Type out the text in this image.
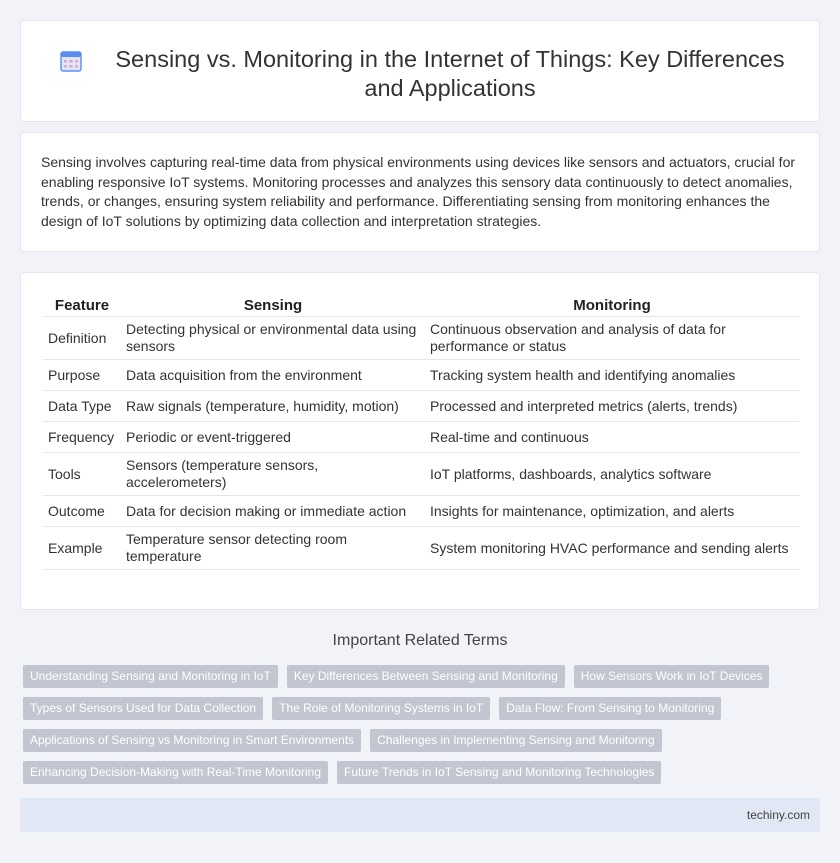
Sensing vs. Monitoring in the Internet of Things: Key Differences and Applications

Sensing involves capturing real-time data from physical environments using devices like sensors and actuators, crucial for enabling responsive IoT systems. Monitoring processes and analyzes this sensory data continuously to detect anomalies, trends, or changes, ensuring system reliability and performance. Differentiating sensing from monitoring enhances the design of IoT solutions by optimizing data collection and interpretation strategies.

Feature	Sensing	Monitoring
Definition	Detecting physical or environmental data using sensors	Continuous observation and analysis of data for performance or status
Purpose	Data acquisition from the environment	Tracking system health and identifying anomalies
Data Type	Raw signals (temperature, humidity, motion)	Processed and interpreted metrics (alerts, trends)
Frequency	Periodic or event-triggered	Real-time and continuous
Tools	Sensors (temperature sensors, accelerometers)	IoT platforms, dashboards, analytics software
Outcome	Data for decision making or immediate action	Insights for maintenance, optimization, and alerts
Example	Temperature sensor detecting room temperature	System monitoring HVAC performance and sending alerts
Important Related Terms
Understanding Sensing and Monitoring in IoT	Key Differences Between Sensing and Monitoring	How Sensors Work in IoT Devices
Types of Sensors Used for Data Collection	The Role of Monitoring Systems in IoT	Data Flow: From Sensing to Monitoring
Applications of Sensing vs Monitoring in Smart Environments	Challenges in Implementing Sensing and Monitoring
Enhancing Decision-Making with Real-Time Monitoring	Future Trends in IoT Sensing and Monitoring Technologies
techiny.com
